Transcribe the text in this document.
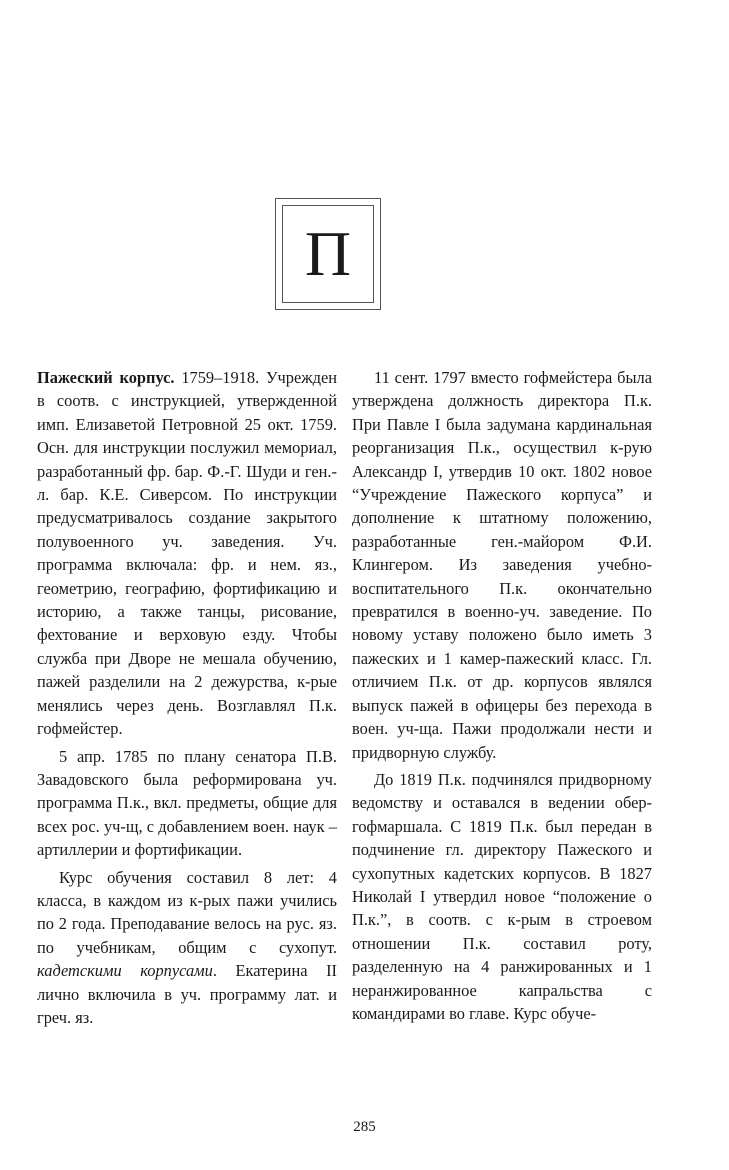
П

Пажеский корпус. 1759–1918. Учрежден в соотв. с инструкцией, утвержденной имп. Елизаветой Петровной 25 окт. 1759. Осн. для инструкции послужил мемориал, разработанный фр. бар. Ф.-Г. Шуди и ген.-л. бар. К.Е. Сиверсом. По инструкции предусматривалось создание закрытого полувоенного уч. заведения. Уч. программа включала: фр. и нем. яз., геометрию, географию, фортификацию и историю, а также танцы, рисование, фехтование и верховую езду. Чтобы служба при Дворе не мешала обучению, пажей разделили на 2 дежурства, к-рые менялись через день. Возглавлял П.к. гофмейстер.

5 апр. 1785 по плану сенатора П.В. Завадовского была реформирована уч. программа П.к., вкл. предметы, общие для всех рос. уч-щ, с добавлением воен. наук – артиллерии и фортификации.

Курс обучения составил 8 лет: 4 класса, в каждом из к-рых пажи учились по 2 года. Преподавание велось на рус. яз. по учебникам, общим с сухопут. кадетскими корпусами. Екатерина II лично включила в уч. программу лат. и греч. яз.

11 сент. 1797 вместо гофмейстера была утверждена должность директора П.к. При Павле I была задумана кардинальная реорганизация П.к., осуществил к-рую Александр I, утвердив 10 окт. 1802 новое “Учреждение Пажеского корпуса” и дополнение к штатному положению, разработанные ген.-майором Ф.И. Клингером. Из заведения учебно-воспитательного П.к. окончательно превратился в военно-уч. заведение. По новому уставу положено было иметь 3 пажеских и 1 камер-пажеский класс. Гл. отличием П.к. от др. корпусов являлся выпуск пажей в офицеры без перехода в воен. уч-ща. Пажи продолжали нести и придворную службу.

До 1819 П.к. подчинялся придворному ведомству и оставался в ведении обер-гофмаршала. С 1819 П.к. был передан в подчинение гл. директору Пажеского и сухопутных кадетских корпусов. В 1827 Николай I утвердил новое “положение о П.к.”, в соотв. с к-рым в строевом отношении П.к. составил роту, разделенную на 4 ранжированных и 1 неранжированное капральства с командирами во главе. Курс обуче-

285
